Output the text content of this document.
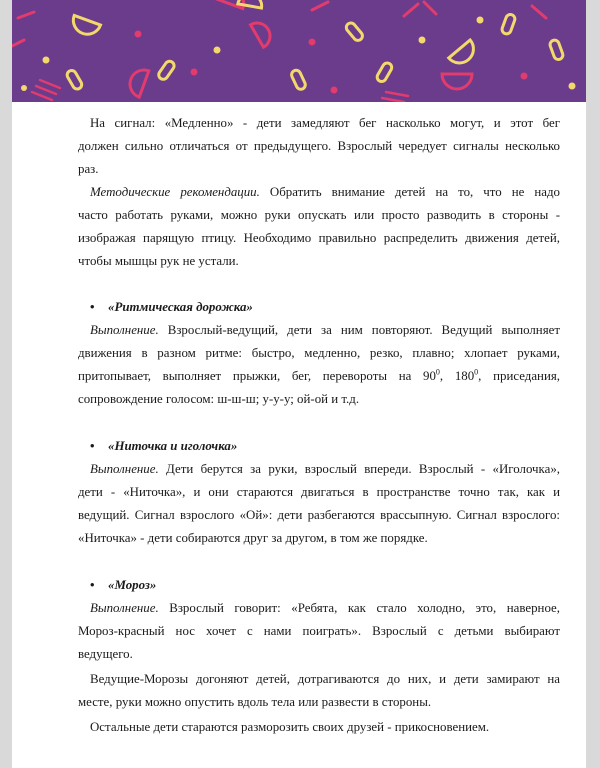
На сигнал: «Медленно» - дети замедляют бег насколько могут, и этот бег
должен сильно отличаться от предыдущего. Взрослый чередует сигналы несколько
раз.
Методические рекомендации. Обратить внимание детей на то, что не надо
часто работать руками, можно руки опускать или просто разводить в стороны -
изображая парящую птицу. Необходимо правильно распределить движения детей,
чтобы мышцы рук не устали.
• «Ритмическая дорожка»
Выполнение. Взрослый-ведущий, дети за ним повторяют. Ведущий выполняет
движения в разном ритме: быстро, медленно, резко, плавно; хлопает руками,
притопывает, выполняет прыжки, бег, перевороты на $90^0$, $180^0$, приседания,
сопровождение голосом: ш-ш-ш; у-у-у; ой-ой и т.д.
• «Ниточка и иголочка»
Выполнение. Дети берутся за руки, взрослый впереди. Взрослый - «Иголочка»,
дети - «Ниточка», и они стараются двигаться в пространстве точно так, как и
ведущий. Сигнал взрослого «Ой»: дети разбегаются врассыпную. Сигнал взрослого:
«Ниточка» - дети собираются друг за другом, в том же порядке.
• «Мороз»
Выполнение. Взрослый говорит: «Ребята, как стало холодно, это, наверное,
Мороз-красный нос хочет с нами поиграть». Взрослый с детьми выбирают
ведущего.
Ведущие-Морозы догоняют детей, дотрагиваются до них, и дети замирают на
месте, руки можно опустить вдоль тела или развести в стороны.
Остальные дети стараются разморозить своих друзей - прикосновением.
